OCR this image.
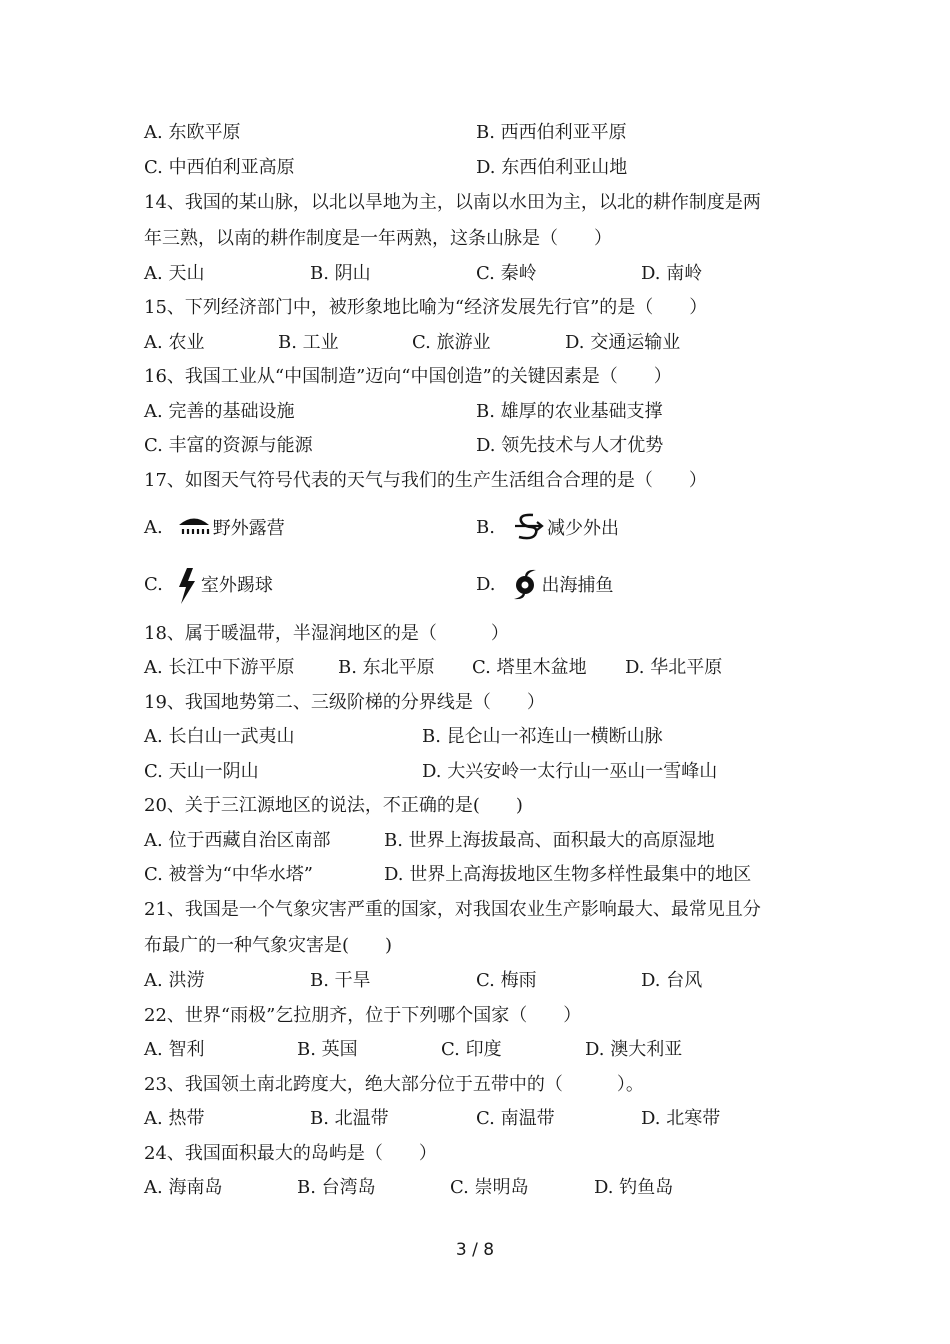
A. 东欧平原	B. 西西伯利亚平原
C. 中西伯利亚高原	D. 东西伯利亚山地
14、我国的某山脉，以北以旱地为主，以南以水田为主，以北的耕作制度是两
年三熟，以南的耕作制度是一年两熟，这条山脉是（　　）
A. 天山	B. 阴山	C. 秦岭	D. 南岭
15、下列经济部门中，被形象地比喻为“经济发展先行官”的是（　　）
A. 农业	B. 工业	C. 旅游业	D. 交通运输业
16、我国工业从“中国制造”迈向“中国创造”的关键因素是（　　）
A. 完善的基础设施	B. 雄厚的农业基础支撑
C. 丰富的资源与能源	D. 领先技术与人才优势
17、如图天气符号代表的天气与我们的生产生活组合合理的是（　　）
A.	野外露营	B.	减少外出
C. 室外踢球	D.	出海捕鱼
18、属于暖温带，半湿润地区的是（　　　）
A. 长江中下游平原 B. 东北平原 C. 塔里木盆地 D. 华北平原
19、我国地势第二、三级阶梯的分界线是（　　）
A. 长白山一武夷山	B. 昆仑山一祁连山一横断山脉
C. 天山一阴山	D. 大兴安岭一太行山一巫山一雪峰山
20、关于三江源地区的说法，不正确的是(　　)
A. 位于西藏自治区南部	B. 世界上海拔最高、面积最大的高原湿地
C. 被誉为“中华水塔”	D. 世界上高海拔地区生物多样性最集中的地区
21、我国是一个气象灾害严重的国家，对我国农业生产影响最大、最常见且分
布最广的一种气象灾害是(　　)
A. 洪涝	B. 干旱	C. 梅雨	D. 台风
22、世界“雨极”乞拉朋齐，位于下列哪个国家（　　）
A. 智利	B. 英国	C. 印度	D. 澳大利亚
23、我国领土南北跨度大，绝大部分位于五带中的（　　　）。
A. 热带	B. 北温带	C. 南温带	D. 北寒带
24、我国面积最大的岛屿是（　　）
A. 海南岛	B. 台湾岛	C. 崇明岛	D. 钓鱼岛
3 / 8
